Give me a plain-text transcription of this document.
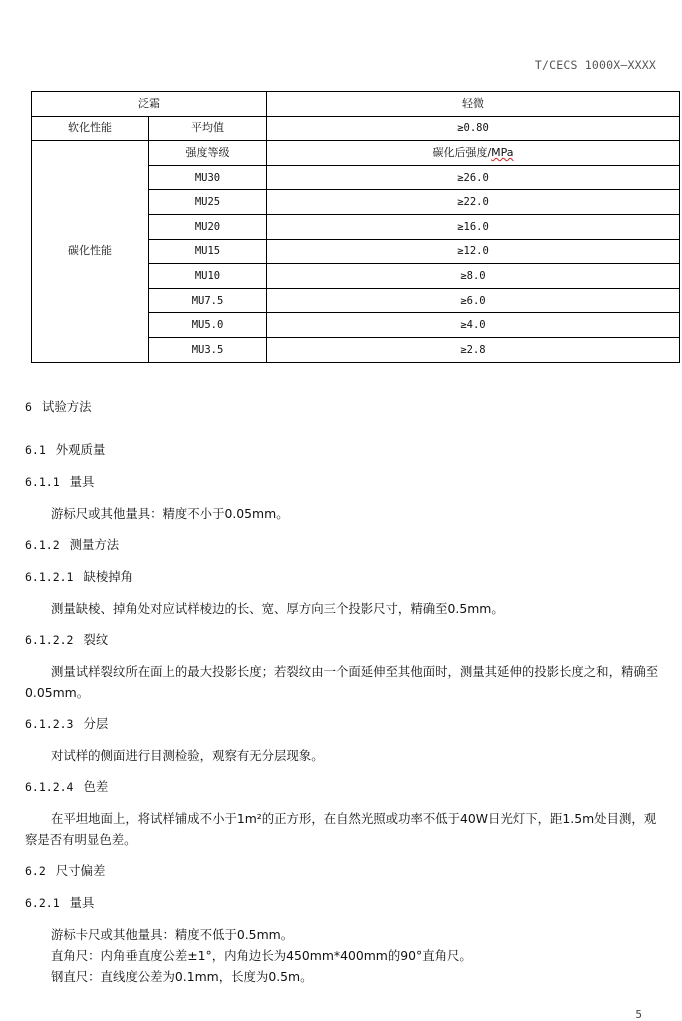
T/CECS 1000X—XXXX
泛霜		轻微
软化性能	平均值	≥0.80
碳化性能	强度等级	碳化后强度/MPa
	MU30	≥26.0
	MU25	≥22.0
	MU20	≥16.0
	MU15	≥12.0
	MU10	≥8.0
	MU7.5	≥6.0
	MU5.0	≥4.0
	MU3.5	≥2.8

6 试验方法

6.1 外观质量

6.1.1 量具

游标尺或其他量具：精度不小于0.05mm。

6.1.2 测量方法

6.1.2.1 缺棱掉角

测量缺棱、掉角处对应试样棱边的长、宽、厚方向三个投影尺寸，精确至0.5mm。

6.1.2.2 裂纹

测量试样裂纹所在面上的最大投影长度；若裂纹由一个面延伸至其他面时，测量其延伸的投影长度之和，精确至0.05mm。

6.1.2.3 分层

对试样的侧面进行目测检验，观察有无分层现象。

6.1.2.4 色差

在平坦地面上，将试样铺成不小于1m²的正方形，在自然光照或功率不低于40W日光灯下，距1.5m处目测，观察是否有明显色差。

6.2 尺寸偏差

6.2.1 量具

游标卡尺或其他量具：精度不低于0.5mm。

直角尺：内角垂直度公差±1°，内角边长为450mm*400mm的90°直角尺。

钢直尺：直线度公差为0.1mm，长度为0.5m。

5
